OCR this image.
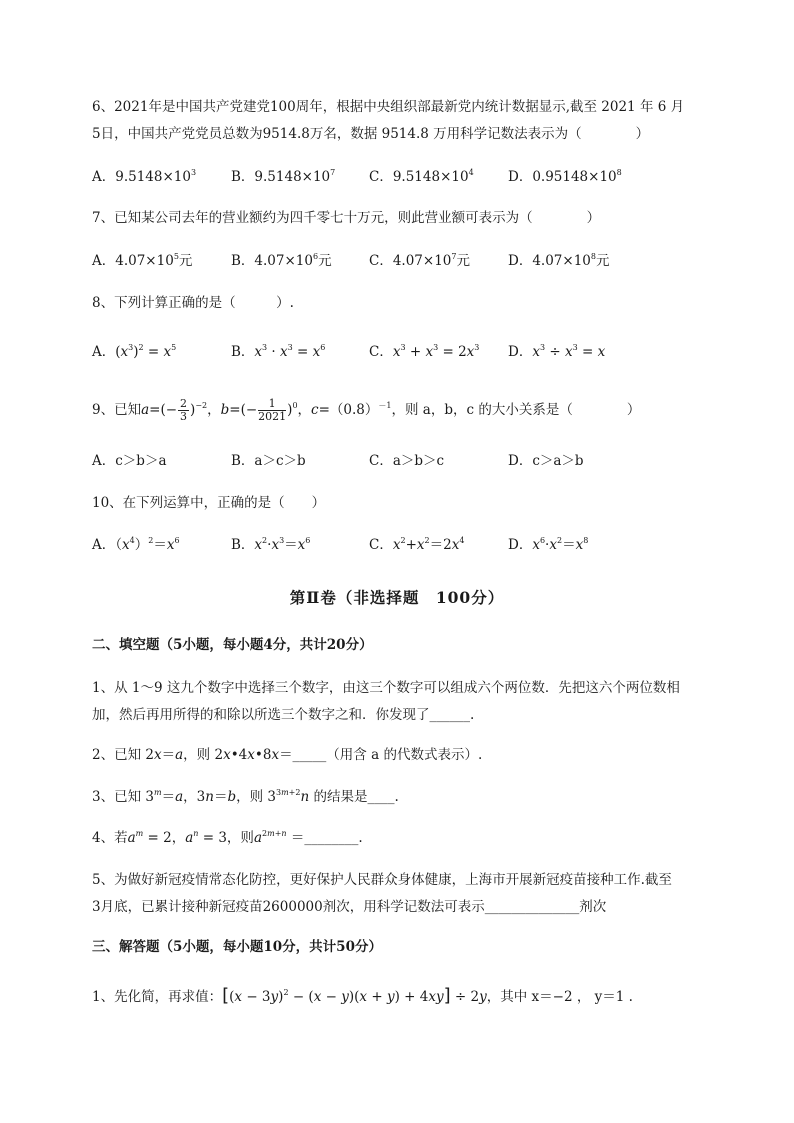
6、2021年是中国共产党建党100周年，根据中央组织部最新党内统计数据显示,截至 2021 年 6 月
5日，中国共产党党员总数为9514.8万名，数据 9514.8 万用科学记数法表示为（　　　　）
A．$9.5148\times 10^3$	B．$9.5148\times 10^7$	C．$9.5148\times 10^4$	D．$0.95148\times 10^8$
7、已知某公司去年的营业额约为四千零七十万元，则此营业额可表示为（　　　　）
A．$4.07\times 10^5$元	B．$4.07\times 10^6$元	C．$4.07\times 10^7$元	D．$4.07\times 10^8$元
8、下列计算正确的是（　　　）.
A．$(x^3)^2 = x^5$	B．$x^3 \cdot x^3 = x^6$	C．$x^3 + x^3 = 2x^3$ D．$x^3 \div x^3 = x$
9、已知$a=(- \frac{2}{3} )^{-2}$，$b=(- \frac{1}{2021} )^0$，$c=(0.8)^{-1}$，则 a，b，c 的大小关系是（　　　　）
A．c＞b＞a	B．a＞c＞b	C．a＞b＞c	D．c＞a＞b
10、在下列运算中，正确的是（　　）
A．$(x^4)^2=x^6$	B．$x^2\cdot x^3=x^6$	C．$x^2+x^2=2x^4$	D．$x^6\cdot x^2=x^8$
第Ⅱ卷（非选择题　100分）
二、填空题（5小题，每小题4分，共计20分）
1、从 1～9 这九个数字中选择三个数字，由这三个数字可以组成六个两位数．先把这六个两位数相
加，然后再用所得的和除以所选三个数字之和．你发现了______.
2、已知 2x＝a，则 2x•4x•8x＝_____（用含 a 的代数式表示）.
3、已知 $3^m=a$，3n＝b，则 $3^{3m+2}n$ 的结果是____.
4、若$a^m = 2$，$a^n = 3$，则$a^{2m+n}$ ＝________.
5、为做好新冠疫情常态化防控，更好保护人民群众身体健康，上海市开展新冠疫苗接种工作.截至
3月底，已累计接种新冠疫苗2600000剂次，用科学记数法可表示______________剂次
三、解答题（5小题，每小题10分，共计50分）
1、先化简，再求值：$[(x - 3y)^2 - (x - y)(x + y) + 4xy] \div 2y$，其中 x＝−2 ， y＝1 .
